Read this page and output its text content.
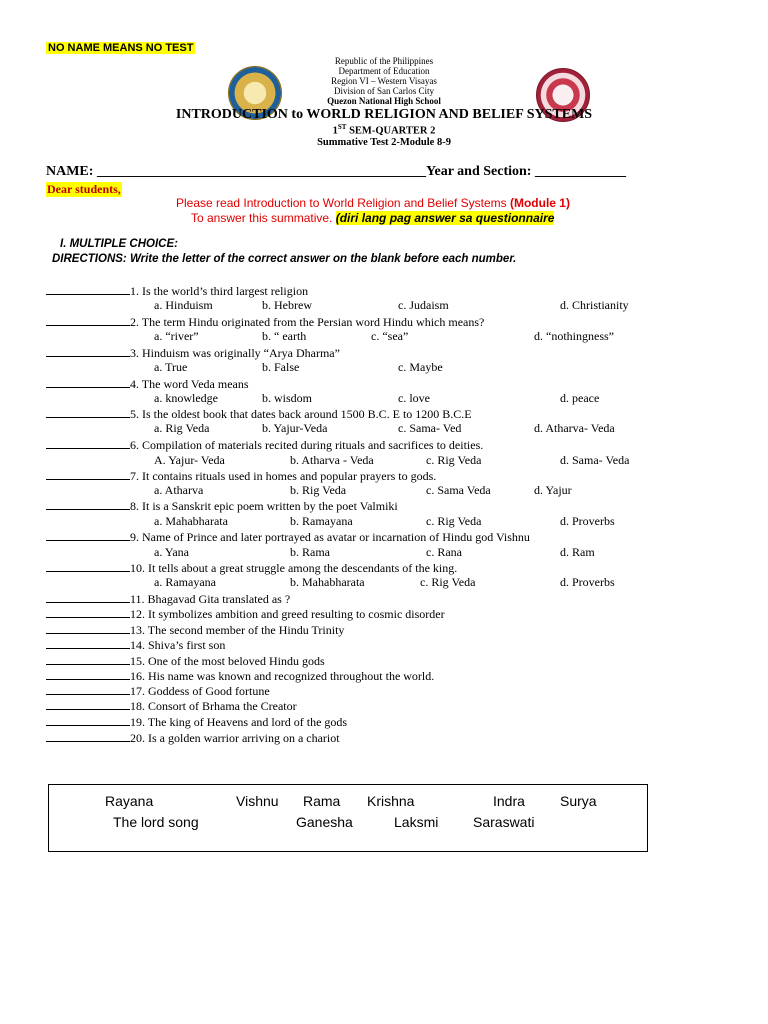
NO NAME MEANS NO TEST
Republic of the Philippines
Department of Education
Region VI – Western Visayas
Division of San Carlos City
Quezon National High School
INTRODUCTION to WORLD RELIGION AND BELIEF SYSTEMS
1ST SEM-QUARTER 2
Summative Test 2-Module 8-9
NAME: _______________________________________________Year and Section: _____________
Dear students,
Please read Introduction to World Religion and Belief Systems (Module 1)
To answer this summative. (diri lang pag answer sa questionnaire
I. MULTIPLE CHOICE:
DIRECTIONS: Write the letter of the correct answer on the blank before each number.
1. Is the world’s third largest religion
a. Hinduism	b. Hebrew	c. Judaism	d. Christianity
2. The term Hindu originated from the Persian word Hindu which means?
a. “river”	b. “ earth	c. “sea”	d. “nothingness”
3. Hinduism was originally “Arya Dharma”
a. True	b. False	c. Maybe
4. The word Veda means
a. knowledge	b. wisdom	c. love	d. peace
5. Is the oldest book that dates back around 1500 B.C. E to 1200 B.C.E
a. Rig Veda	b. Yajur-Veda	c. Sama- Ved	d. Atharva- Veda
6. Compilation of materials recited during rituals and sacrifices to deities.
A. Yajur- Veda	b. Atharva - Veda	c. Rig Veda	d. Sama- Veda
7. It contains rituals used in homes and popular prayers to gods.
a. Atharva	b. Rig Veda	c. Sama Veda	d. Yajur
8. It is a Sanskrit epic poem written by the poet Valmiki
a. Mahabharata	b. Ramayana	c. Rig Veda	d. Proverbs
9. Name of Prince and later portrayed as avatar or incarnation of Hindu god Vishnu
a. Yana	b. Rama	c. Rana	d. Ram
10. It tells about a great struggle among the descendants of the king.
a. Ramayana	b. Mahabharata	c. Rig Veda	d. Proverbs
11. Bhagavad Gita translated as ?
12. It symbolizes ambition and greed resulting to cosmic disorder
13. The second member of the Hindu Trinity
14. Shiva’s first son
15. One of the most beloved Hindu gods
16. His name was known and recognized throughout the world.
17. Goddess of Good fortune
18. Consort of Brhama the Creator
19. The king of Heavens and lord of the gods
20. Is a golden warrior arriving on a chariot
Rayana	Vishnu Rama Krishna	Indra	Surya
The lord song	Ganesha	Laksmi Saraswati
